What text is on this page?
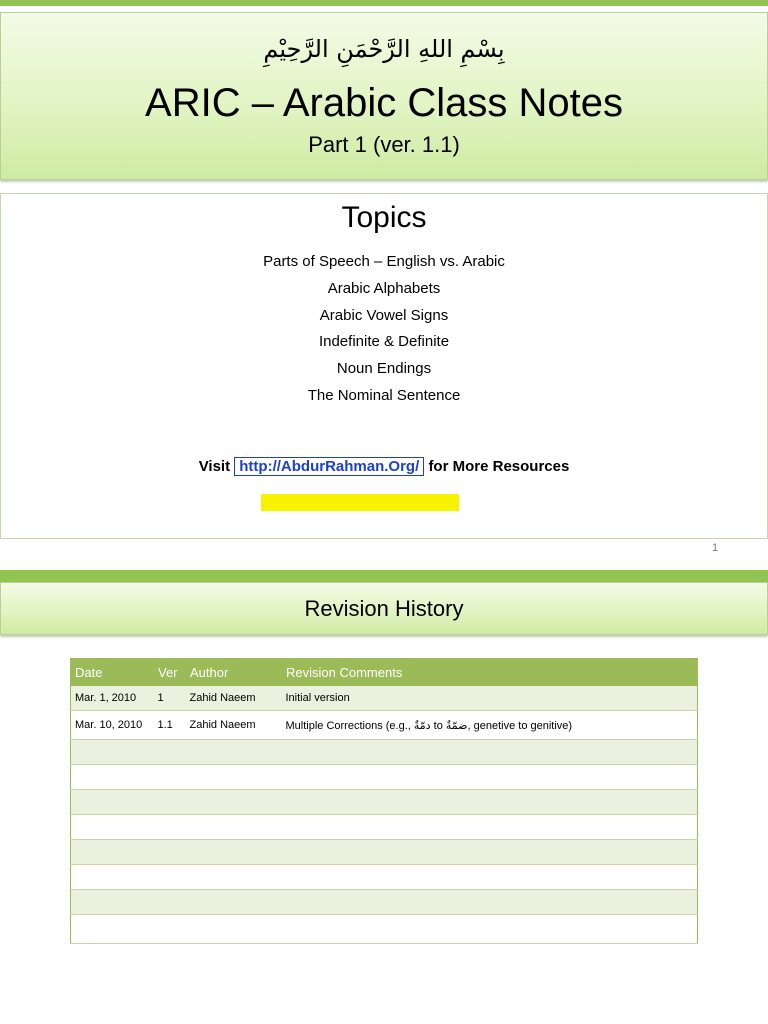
بِسْمِ اللهِ الرَّحْمَنِ الرَّحِيْمِ
ARIC – Arabic Class Notes
Part 1 (ver. 1.1)
Topics
Parts of Speech – English vs. Arabic
Arabic Alphabets
Arabic Vowel Signs
Indefinite & Definite
Noun Endings
The Nominal Sentence
Visit http://AbdurRahman.Org/ for More Resources
1
Revision History
Date	Ver	Author	Revision Comments
Mar. 1, 2010	1	Zahid Naeem	Initial version
Mar. 10, 2010	1.1	Zahid Naeem	Multiple Corrections (e.g., دمّةٌ to ضمّةٌ, genetive to genitive)
